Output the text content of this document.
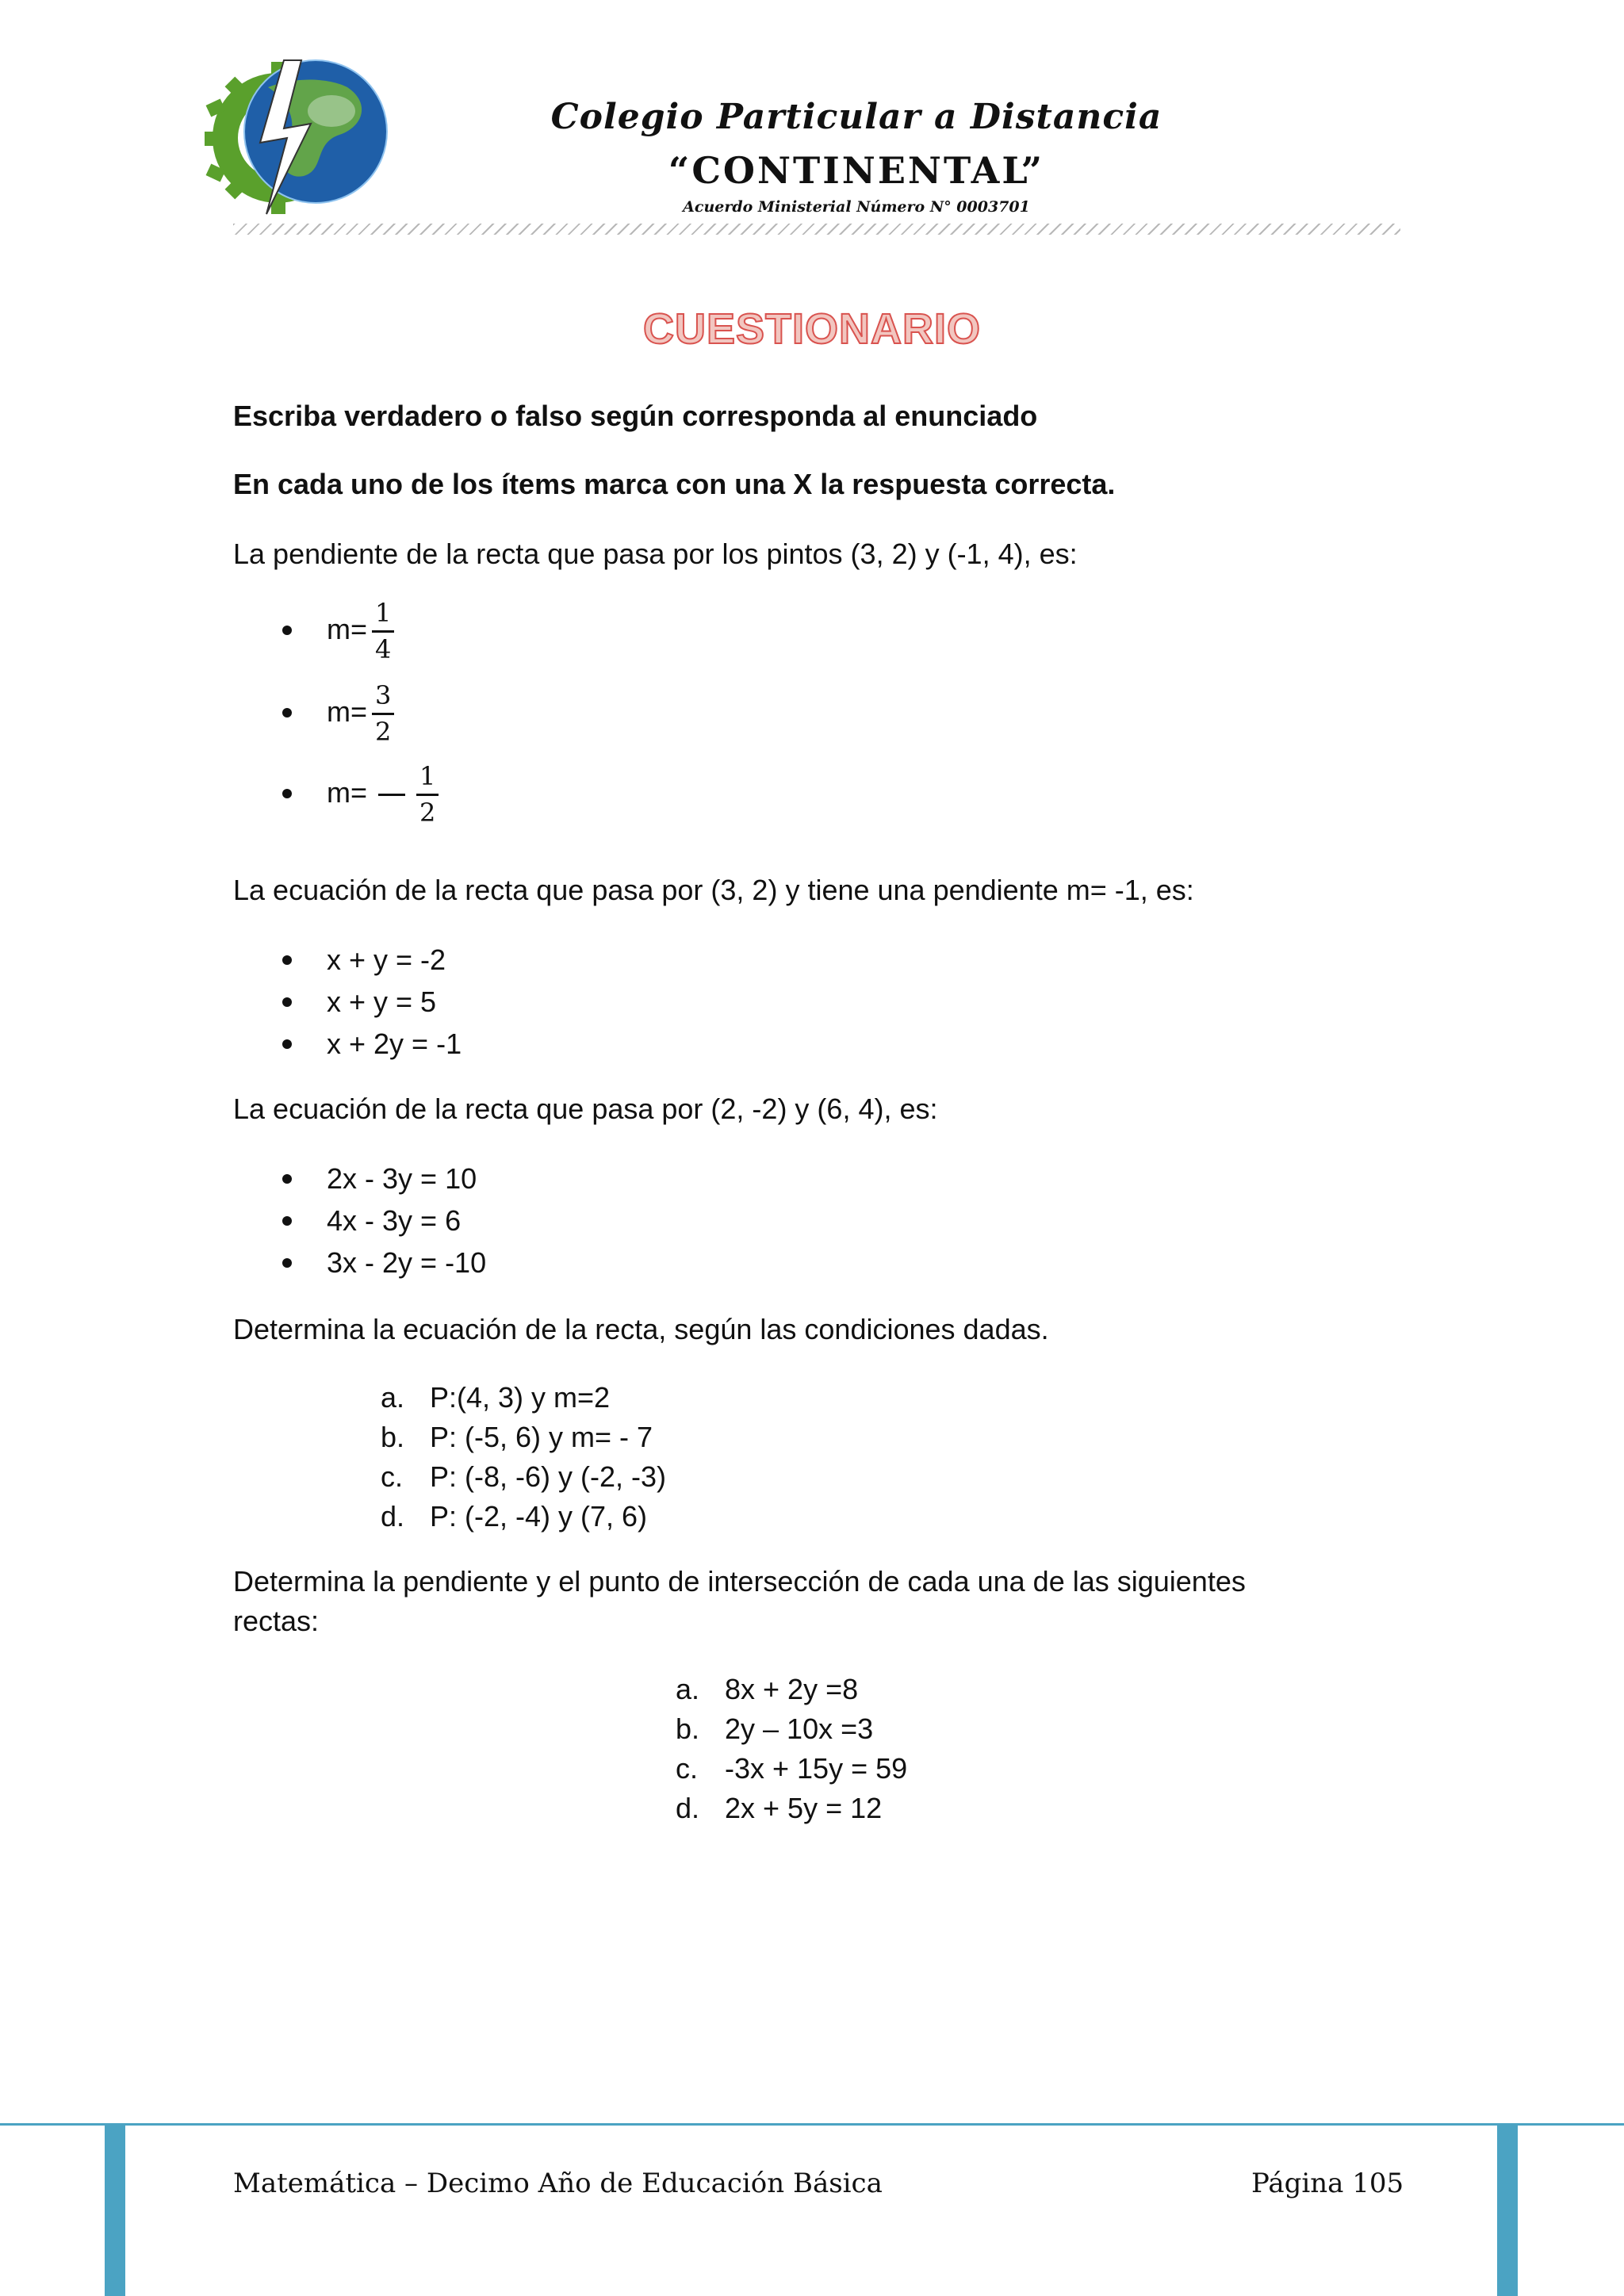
Colegio Particular a Distancia
“CONTINENTAL”
Acuerdo Ministerial Número N° 0003701
CUESTIONARIO
Escriba verdadero o falso según corresponda al enunciado
En cada uno de los ítems marca con una X la respuesta correcta.
La pendiente de la recta que pasa por los pintos (3, 2) y (-1, 4), es:
$m= \frac{1}{4}$
$m= \frac{3}{2}$
$m= \frac{1}{2}$
La ecuación de la recta que pasa por (3, 2) y tiene una pendiente m= -1, es:
x + y = -2
x + y = 5
x + 2y = -1
La ecuación de la recta que pasa por (2, -2) y (6, 4), es:
2x - 3y = 10
4x - 3y = 6
3x - 2y = -10
Determina la ecuación de la recta, según las condiciones dadas.
a. P:(4, 3) y m=2
b. P: (-5, 6) y m= - 7
c. P: (-8, -6) y (-2, -3)
d. P: (-2, -4) y (7, 6)
Determina la pendiente y el punto de intersección de cada una de las siguientes
rectas:
a. 8x + 2y =8
b. 2y – 10x =3
c. -3x + 15y = 59
d. 2x + 5y = 12
Matemática – Decimo Año de Educación Básica	Página 105
